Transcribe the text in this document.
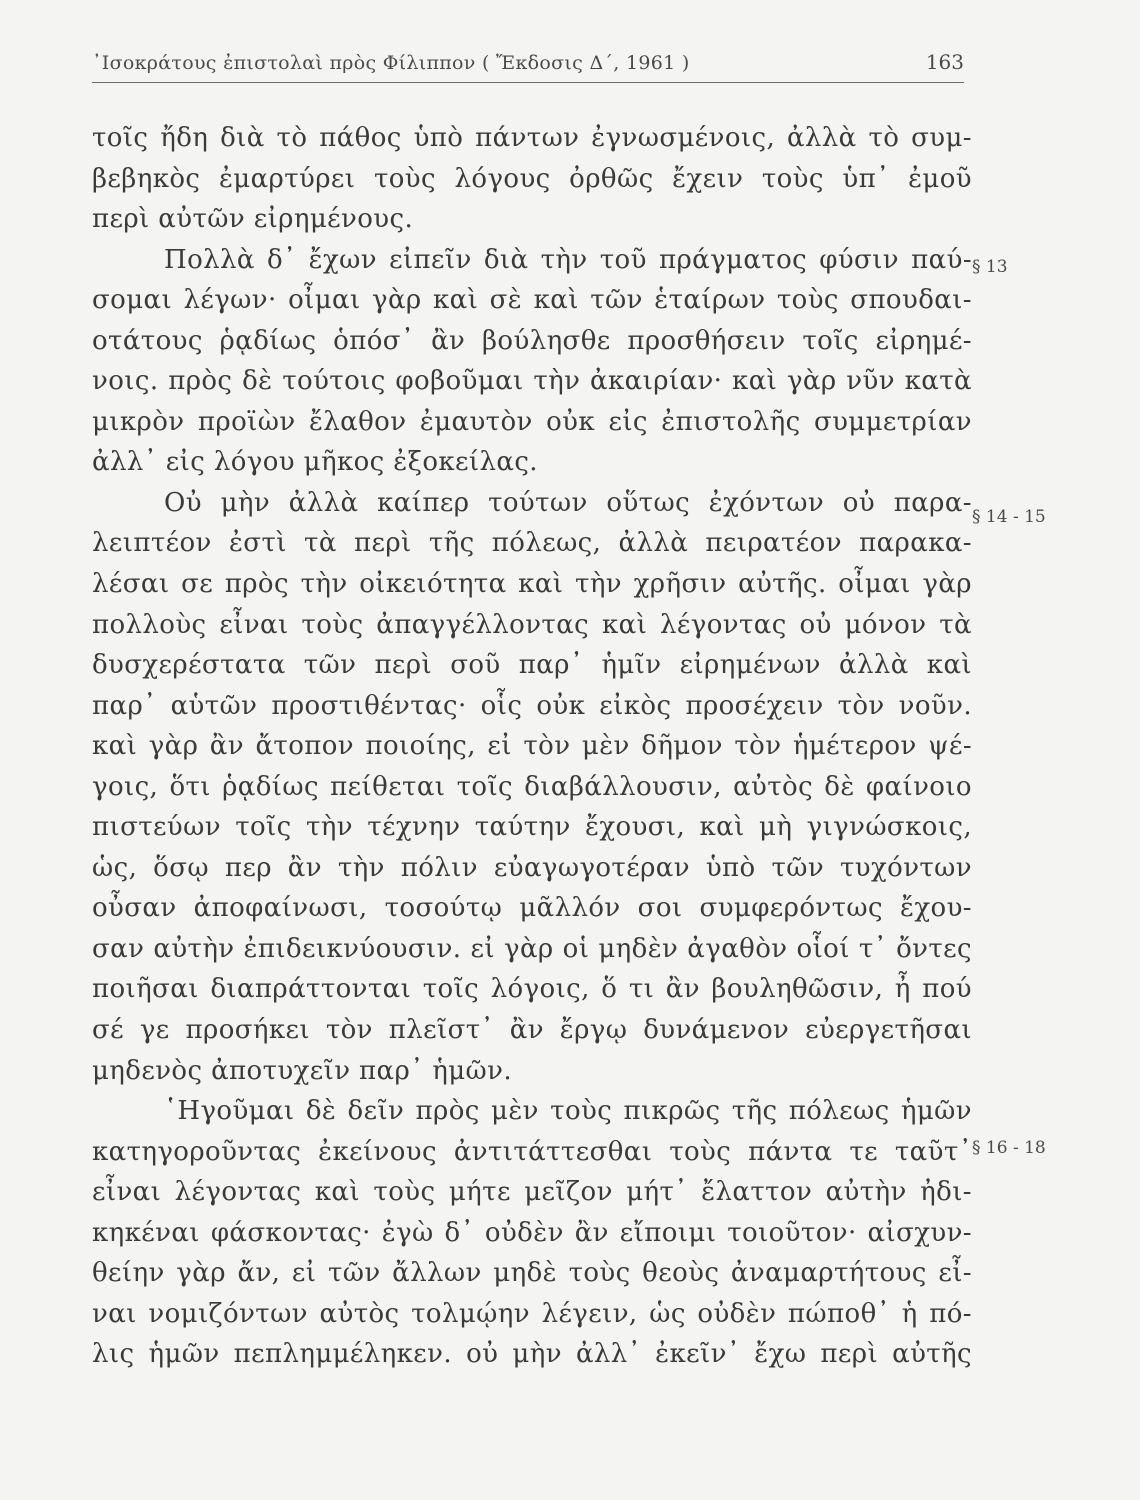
᾿Ισοκράτους ἐπιστολαὶ πρὸς Φίλιππον ( Ἔκδοσις Δ΄, 1961 )	163
τοῖς ἤδη διὰ τὸ πάθος ὑπὸ πάντων ἐγνωσμένοις, ἀλλὰ τὸ συμ-
βεβηκὸς ἐμαρτύρει τοὺς λόγους ὀρθῶς ἔχειν τοὺς ὑπ᾿ ἐμοῦ
περὶ αὐτῶν εἰρημένους.
Πολλὰ δ᾿ ἔχων εἰπεῖν διὰ τὴν τοῦ πράγματος φύσιν παύ-
σομαι λέγων· οἶμαι γὰρ καὶ σὲ καὶ τῶν ἑταίρων τοὺς σπουδαι-
οτάτους ῥᾳδίως ὁπόσ᾿ ἂν βούλησθε προσθήσειν τοῖς εἰρημέ-
νοις. πρὸς δὲ τούτοις φοβοῦμαι τὴν ἀκαιρίαν· καὶ γὰρ νῦν κατὰ
μικρὸν προϊὼν ἔλαθον ἐμαυτὸν οὐκ εἰς ἐπιστολῆς συμμετρίαν
ἀλλ᾿ εἰς λόγου μῆκος ἐξοκείλας.
Οὐ μὴν ἀλλὰ καίπερ τούτων οὕτως ἐχόντων οὐ παρα-
λειπτέον ἐστὶ τὰ περὶ τῆς πόλεως, ἀλλὰ πειρατέον παρακα-
λέσαι σε πρὸς τὴν οἰκειότητα καὶ τὴν χρῆσιν αὐτῆς. οἶμαι γὰρ
πολλοὺς εἶναι τοὺς ἀπαγγέλλοντας καὶ λέγοντας οὐ μόνον τὰ
δυσχερέστατα τῶν περὶ σοῦ παρ᾿ ἡμῖν εἰρημένων ἀλλὰ καὶ
παρ᾿ αὑτῶν προστιθέντας· οἷς οὐκ εἰκὸς προσέχειν τὸν νοῦν.
καὶ γὰρ ἂν ἄτοπον ποιοίης, εἰ τὸν μὲν δῆμον τὸν ἡμέτερον ψέ-
γοις, ὅτι ῥᾳδίως πείθεται τοῖς διαβάλλουσιν, αὐτὸς δὲ φαίνοιο
πιστεύων τοῖς τὴν τέχνην ταύτην ἔχουσι, καὶ μὴ γιγνώσκοις,
ὡς, ὅσῳ περ ἂν τὴν πόλιν εὐαγωγοτέραν ὑπὸ τῶν τυχόντων
οὖσαν ἀποφαίνωσι, τοσούτῳ μᾶλλόν σοι συμφερόντως ἔχου-
σαν αὐτὴν ἐπιδεικνύουσιν. εἰ γὰρ οἱ μηδὲν ἀγαθὸν οἷοί τ᾿ ὄντες
ποιῆσαι διαπράττονται τοῖς λόγοις, ὅ τι ἂν βουληθῶσιν, ἦ πού
σέ γε προσήκει τὸν πλεῖστ᾿ ἂν ἔργῳ δυνάμενον εὐεργετῆσαι
μηδενὸς ἀποτυχεῖν παρ᾿ ἡμῶν.
῾Ηγοῦμαι δὲ δεῖν πρὸς μὲν τοὺς πικρῶς τῆς πόλεως ἡμῶν
κατηγοροῦντας ἐκείνους ἀντιτάττεσθαι τοὺς πάντα τε ταῦτ᾿
εἶναι λέγοντας καὶ τοὺς μήτε μεῖζον μήτ᾿ ἔλαττον αὐτὴν ἠδι-
κηκέναι φάσκοντας· ἐγὼ δ᾿ οὐδὲν ἂν εἴποιμι τοιοῦτον· αἰσχυν-
θείην γὰρ ἄν, εἰ τῶν ἄλλων μηδὲ τοὺς θεοὺς ἀναμαρτήτους εἶ-
ναι νομιζόντων αὐτὸς τολμῴην λέγειν, ὡς οὐδὲν πώποθ᾿ ἡ πό-
λις ἡμῶν πεπλημμέληκεν. οὐ μὴν ἀλλ᾿ ἐκεῖν᾿ ἔχω περὶ αὐτῆς
§ 13
§ 14 - 15
§ 16 - 18
